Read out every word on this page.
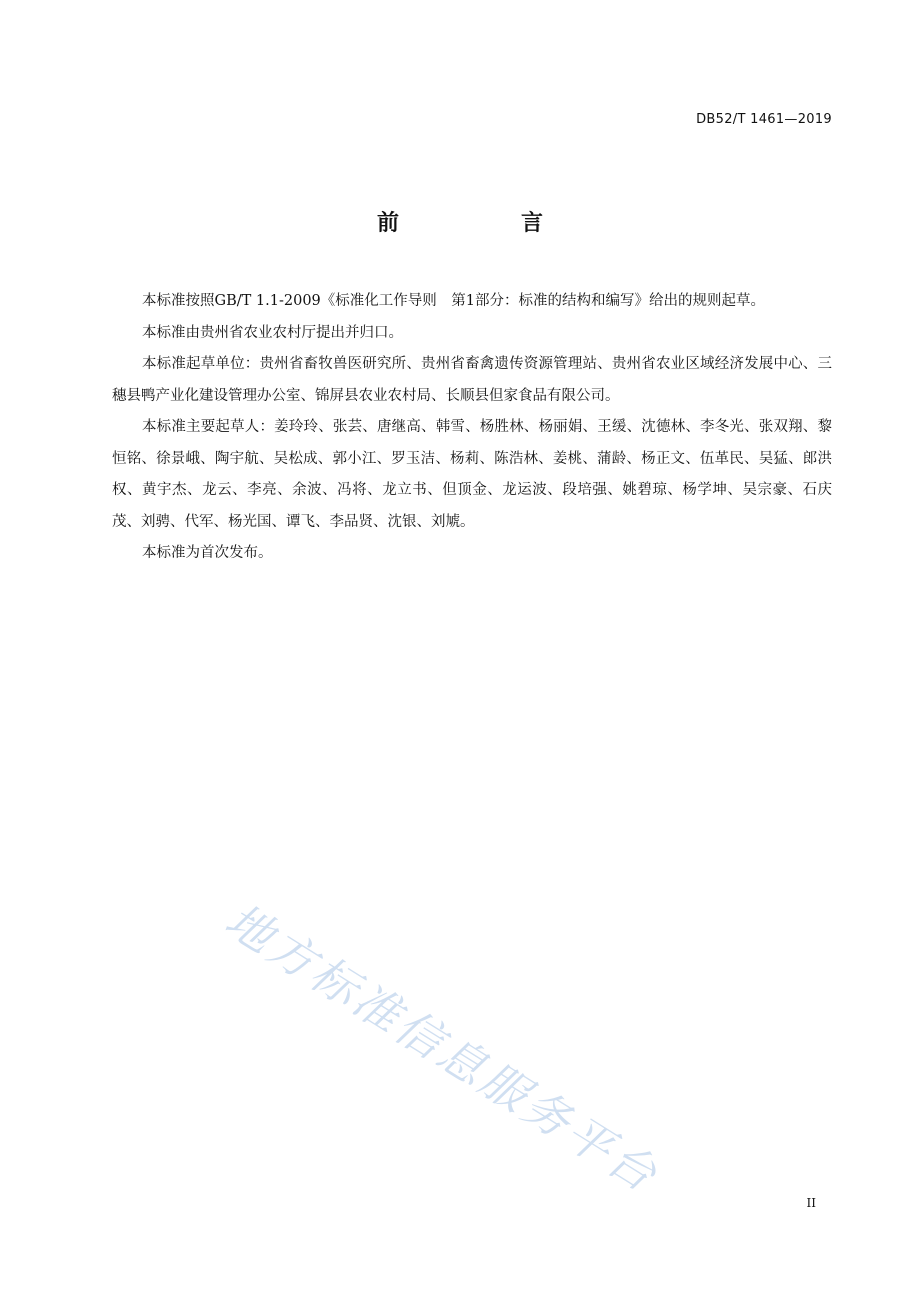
DB52/T 1461—2019
前　言

本标准按照GB/T 1.1-2009《标准化工作导则　第1部分：标准的结构和编写》给出的规则起草。

本标准由贵州省农业农村厅提出并归口。

本标准起草单位：贵州省畜牧兽医研究所、贵州省畜禽遗传资源管理站、贵州省农业区域经济发展中心、三穗县鸭产业化建设管理办公室、锦屏县农业农村局、长顺县但家食品有限公司。

本标准主要起草人：姜玲玲、张芸、唐继高、韩雪、杨胜林、杨丽娟、王缓、沈德林、李冬光、张双翔、黎恒铭、徐景峨、陶宇航、吴松成、郭小江、罗玉洁、杨莉、陈浩林、姜桃、蒲龄、杨正文、伍革民、吴猛、郎洪权、黄宇杰、龙云、李亮、余波、冯将、龙立书、但顶金、龙运波、段培强、姚碧琼、杨学坤、吴宗豪、石庆茂、刘骋、代军、杨光国、谭飞、李品贤、沈银、刘虓。

本标准为首次发布。

地方标准信息服务平台	II
